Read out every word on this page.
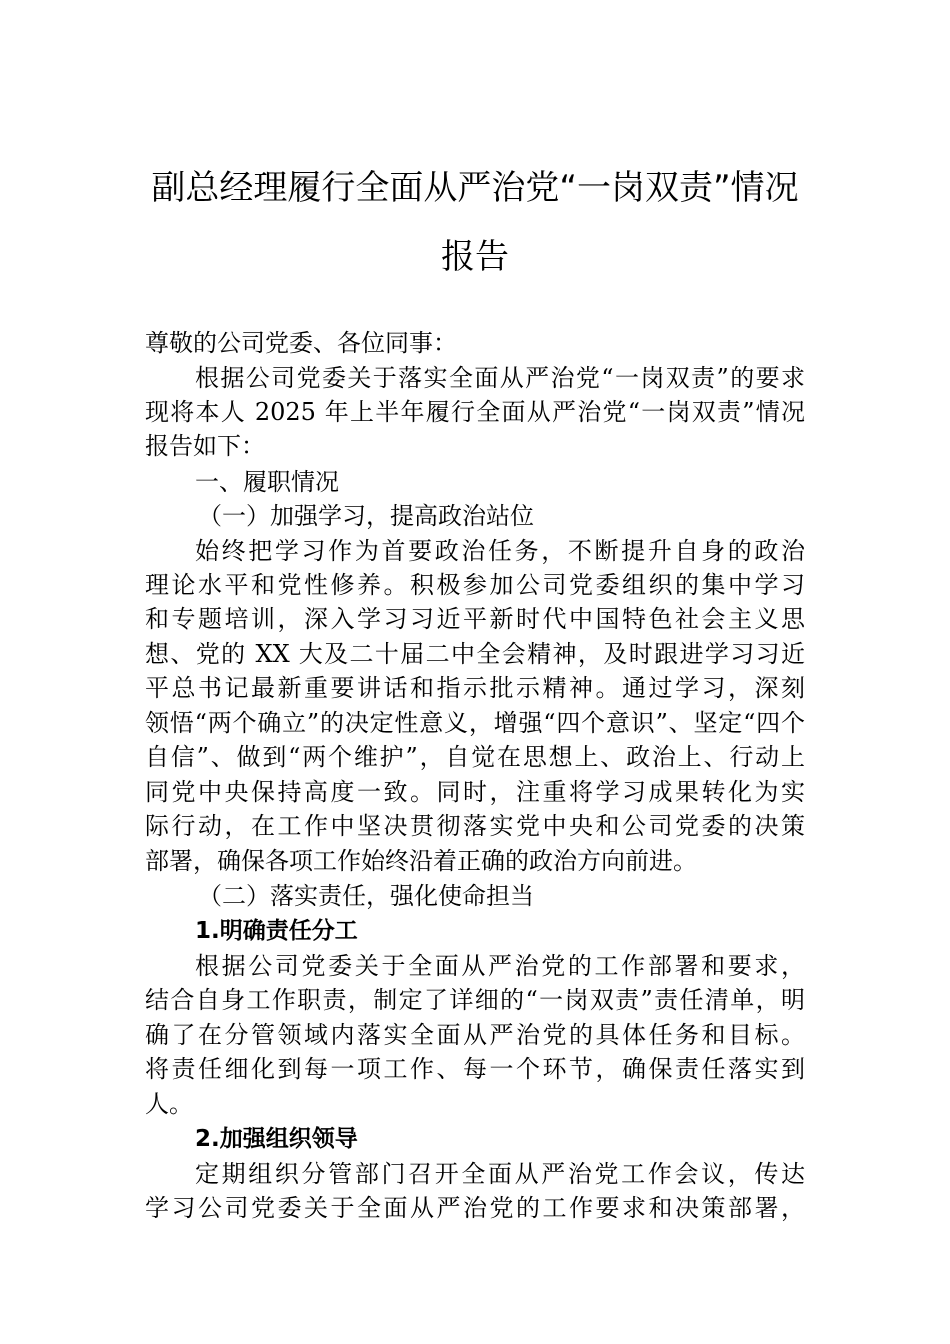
副总经理履行全面从严治党“一岗双责”情况
报告
尊敬的公司党委、各位同事：
根据公司党委关于落实全面从严治党“一岗双责”的要求
现将本人 2025 年上半年履行全面从严治党“一岗双责”情况
报告如下：
一、履职情况
（一）加强学习，提高政治站位
始终把学习作为首要政治任务，不断提升自身的政治
理论水平和党性修养。积极参加公司党委组织的集中学习
和专题培训，深入学习习近平新时代中国特色社会主义思
想、党的 XX 大及二十届二中全会精神，及时跟进学习习近
平总书记最新重要讲话和指示批示精神。通过学习，深刻
领悟“两个确立”的决定性意义，增强“四个意识”、坚定“四个
自信”、做到“两个维护”，自觉在思想上、政治上、行动上
同党中央保持高度一致。同时，注重将学习成果转化为实
际行动，在工作中坚决贯彻落实党中央和公司党委的决策
部署，确保各项工作始终沿着正确的政治方向前进。
（二）落实责任，强化使命担当
1.明确责任分工
根据公司党委关于全面从严治党的工作部署和要求，
结合自身工作职责，制定了详细的“一岗双责”责任清单，明
确了在分管领域内落实全面从严治党的具体任务和目标。
将责任细化到每一项工作、每一个环节，确保责任落实到
人。
2.加强组织领导
定期组织分管部门召开全面从严治党工作会议，传达
学习公司党委关于全面从严治党的工作要求和决策部署，
